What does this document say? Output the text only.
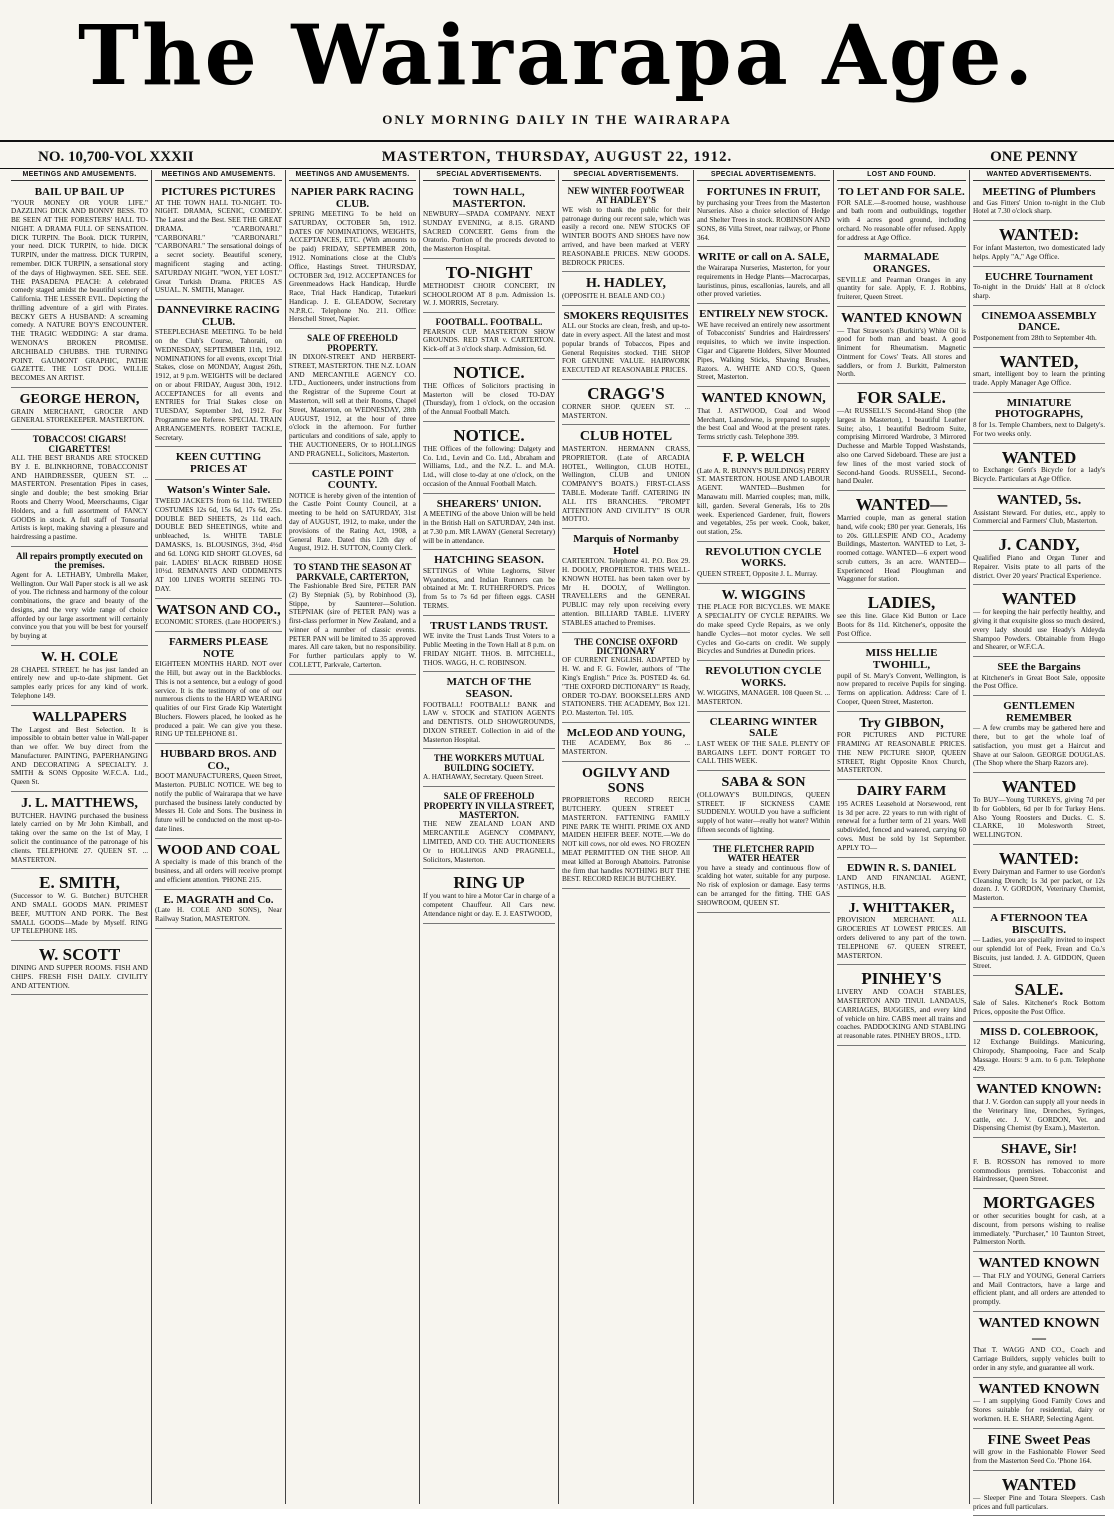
The Wairarapa Age.
ONLY MORNING DAILY IN THE WAIRARAPA
NO. 10,700-VOL XXXII	MASTERTON, THURSDAY, AUGUST 22, 1912.	ONE PENNY
MEETINGS AND AMUSEMENTS.
BAIL UP BAIL UP
"YOUR MONEY OR YOUR LIFE." DAZZLING DICK AND BONNY BESS. TO BE SEEN AT THE FORESTERS' HALL TO-NIGHT. A DRAMA FULL OF SENSATION. DICK TURPIN. The Book. DICK TURPIN, your need. DICK TURPIN, to hide. DICK TURPIN, under the mattress. DICK TURPIN, remember. DICK TURPIN, a sensational story of the days of Highwaymen. SEE. SEE. SEE. THE PASADENA PEACH: A celebrated comedy staged amidst the beautiful scenery of California. THE LESSER EVIL. Depicting the thrilling adventure of a girl with Pirates. BECKY GETS A HUSBAND: A screaming comedy. A NATURE BOY'S ENCOUNTER. THE TRAGIC WEDDING: A star drama. WENONA'S BROKEN PROMISE. ARCHIBALD CHUBBS. THE TURNING POINT. GAUMONT GRAPHIC, PATHE GAZETTE. THE LOST DOG. WILLIE BECOMES AN ARTIST.
GEORGE HERON,
GRAIN MERCHANT, GROCER AND GENERAL STOREKEEPER. MASTERTON.
TOBACCOS! CIGARS! CIGARETTES!
ALL THE BEST BRANDS ARE STOCKED BY J. E. BLINKHORNE, TOBACCONIST AND HAIRDRESSER, QUEEN ST. ... MASTERTON. Presentation Pipes in cases, single and double; the best smoking Briar Roots and Cherry Wood, Meerschaums, Cigar Holders, and a full assortment of FANCY GOODS in stock. A full staff of Tonsorial Artists is kept, making shaving a pleasure and hairdressing a pastime.
All repairs promptly executed on the premises.
Agent for A. LETHABY, Umbrella Maker, Wellington. Our Wall Paper stock is all we ask of you. The richness and harmony of the colour combinations, the grace and beauty of the designs, and the very wide range of choice afforded by our large assortment will certainly convince you that you will be best for yourself by buying at
W. H. COLE
28 CHAPEL STREET. he has just landed an entirely new and up-to-date shipment. Get samples early prices for any kind of work. Telephone 149.
WALLPAPERS
The Largest and Best Selection. It is impossible to obtain better value in Wall-paper than we offer. We buy direct from the Manufacturer. PAINTING, PAPERHANGING AND DECORATING A SPECIALTY. J. SMITH & SONS Opposite W.F.C.A. Ltd., Queen St.
J. L. MATTHEWS,
BUTCHER. HAVING purchased the business lately carried on by Mr John Kimball, and taking over the same on the 1st of May, I solicit the continuance of the patronage of his clients. TELEPHONE 27. QUEEN ST. ... MASTERTON.
E. SMITH,
(Successor to W. G. Butcher.) BUTCHER AND SMALL GOODS MAN. PRIMEST BEEF, MUTTON AND PORK. The Best SMALL GOODS—Made by Myself. RING UP TELEPHONE 185.
W. SCOTT
DINING AND SUPPER ROOMS. FISH AND CHIPS. FRESH FISH DAILY. CIVILITY AND ATTENTION.
MEETINGS AND AMUSEMENTS.
PICTURES PICTURES
AT THE TOWN HALL TO-NIGHT. TO-NIGHT. DRAMA, SCENIC, COMEDY. The Latest and the Best. SEE THE GREAT DRAMA. "CARBONARI." "CARBONARI." "CARBONARI." "CARBONARI." The sensational doings of a secret society. Beautiful scenery, magnificent staging and acting. SATURDAY NIGHT. "WON, YET LOST." Great Turkish Drama. PRICES AS USUAL. N. SMITH, Manager.
DANNEVIRKE RACING CLUB.
STEEPLECHASE MEETING. To be held on the Club's Course, Tahoraiti, on WEDNESDAY, SEPTEMBER 11th, 1912. NOMINATIONS for all events, except Trial Stakes, close on MONDAY, August 26th, 1912, at 9 p.m. WEIGHTS will be declared on or about FRIDAY, August 30th, 1912. ACCEPTANCES for all events and ENTRIES for Trial Stakes close on TUESDAY, September 3rd, 1912. For Programme see Referee. SPECIAL TRAIN ARRANGEMENTS. ROBERT TACKLE, Secretary.
KEEN CUTTING PRICES AT
Watson's Winter Sale.
TWEED JACKETS from 6s 11d. TWEED COSTUMES 12s 6d, 15s 6d, 17s 6d, 25s. DOUBLE BED SHEETS, 2s 11d each. DOUBLE BED SHEETINGS, white and unbleached, 1s. WHITE TABLE DAMASKS, 1s. BLOUSINGS, 3½d, 4½d and 6d. LONG KID SHORT GLOVES, 6d pair. LADIES' BLACK RIBBED HOSE 10½d. REMNANTS AND ODDMENTS AT 100 LINES WORTH SEEING TO-DAY.
WATSON AND CO.,
ECONOMIC STORES. (Late HOOPER'S.)
FARMERS PLEASE NOTE
EIGHTEEN MONTHS HARD. NOT over the Hill, but away out in the Backblocks. This is not a sentence, but a eulogy of good service. It is the testimony of one of our numerous clients to the HARD WEARING qualities of our First Grade Kip Watertight Bluchers. Flowers placed, he looked as he produced a pair. We can give you these. RING UP TELEPHONE 81.
HUBBARD BROS. AND CO.,
BOOT MANUFACTURERS, Queen Street, Masterton. PUBLIC NOTICE. WE beg to notify the public of Wairarapa that we have purchased the business lately conducted by Messrs H. Cole and Sons. The business in future will be conducted on the most up-to-date lines.
WOOD AND COAL
A specialty is made of this branch of the business, and all orders will receive prompt and efficient attention. 'PHONE 215.
E. MAGRATH and Co.
(Late H. COLE AND SONS), Near Railway Station, MASTERTON.
MEETINGS AND AMUSEMENTS.
NAPIER PARK RACING CLUB.
SPRING MEETING To be held on SATURDAY, OCTOBER 5th, 1912. DATES OF NOMINATIONS, WEIGHTS, ACCEPTANCES, ETC. (With amounts to be paid) FRIDAY, SEPTEMBER 20th, 1912. Nominations close at the Club's Office, Hastings Street. THURSDAY, OCTOBER 3rd, 1912. ACCEPTANCES for Greenmeadows Hack Handicap, Hurdle Race, Trial Hack Handicap, Tutaekuri Handicap. J. E. GLEADOW, Secretary N.P.R.C. Telephone No. 211. Office: Herschell Street, Napier.
SALE OF FREEHOLD PROPERTY.
IN DIXON-STREET AND HERBERT-STREET, MASTERTON. THE N.Z. LOAN AND MERCANTILE AGENCY CO. LTD., Auctioneers, under instructions from the Registrar of the Supreme Court at Masterton, will sell at their Rooms, Chapel Street, Masterton, on WEDNESDAY, 28th AUGUST, 1912, at the hour of three o'clock in the afternoon. For further particulars and conditions of sale, apply to THE AUCTIONEERS, Or to HOLLINGS AND PRAGNELL, Solicitors, Masterton.
CASTLE POINT COUNTY.
NOTICE is hereby given of the intention of the Castle Point County Council, at a meeting to be held on SATURDAY, 31st day of AUGUST, 1912, to make, under the provisions of the Rating Act, 1908, a General Rate. Dated this 12th day of August, 1912. H. SUTTON, County Clerk.
TO STAND THE SEASON AT PARKVALE, CARTERTON,
The Fashionable Bred Sire, PETER PAN (2) By Stepniak (5), by Robinhood (3), Stippe, by Saunterer—Solution. STEPNIAK (sire of PETER PAN) was a first-class performer in New Zealand, and a winner of a number of classic events. PETER PAN will be limited to 35 approved mares. All care taken, but no responsibility. For further particulars apply to W. COLLETT, Parkvale, Carterton.
SPECIAL ADVERTISEMENTS.
TOWN HALL, MASTERTON.
NEWBURY—SPADA COMPANY. NEXT SUNDAY EVENING, at 8.15. GRAND SACRED CONCERT. Gems from the Oratorio. Portion of the proceeds devoted to the Masterton Hospital.
TO-NIGHT
METHODIST CHOIR CONCERT, IN SCHOOLROOM AT 8 p.m. Admission 1s. W. J. MORRIS, Secretary.
FOOTBALL. FOOTBALL.
PEARSON CUP. MASTERTON SHOW GROUNDS. RED STAR v. CARTERTON. Kick-off at 3 o'clock sharp. Admission, 6d.
NOTICE.
THE Offices of Solicitors practising in Masterton will be closed TO-DAY (Thursday), from 1 o'clock, on the occasion of the Annual Football Match.
NOTICE.
THE Offices of the following: Dalgety and Co. Ltd., Levin and Co. Ltd., Abraham and Williams, Ltd., and the N.Z. L. and M.A. Ltd., will close to-day at one o'clock, on the occasion of the Annual Football Match.
SHEARERS' UNION.
A MEETING of the above Union will be held in the British Hall on SATURDAY, 24th inst. at 7.30 p.m. MR LAWAY (General Secretary) will be in attendance.
HATCHING SEASON.
SETTINGS of White Leghorns, Silver Wyandottes, and Indian Runners can be obtained at Mr. T. RUTHERFORD'S. Prices from 5s to 7s 6d per fifteen eggs. CASH TERMS.
TRUST LANDS TRUST.
WE invite the Trust Lands Trust Voters to a Public Meeting in the Town Hall at 8 p.m. on FRIDAY NIGHT. THOS. B. MITCHELL, THOS. WAGG, H. C. ROBINSON.
MATCH OF THE SEASON.
FOOTBALL! FOOTBALL! BANK and LAW v. STOCK and STATION AGENTS and DENTISTS. OLD SHOWGROUNDS, DIXON STREET. Collection in aid of the Masterton Hospital.
THE WORKERS MUTUAL BUILDING SOCIETY.
A. HATHAWAY, Secretary. Queen Street.
SALE OF FREEHOLD PROPERTY IN VILLA STREET, MASTERTON.
THE NEW ZEALAND LOAN AND MERCANTILE AGENCY COMPANY, LIMITED, AND CO. THE AUCTIONEERS Or to HOLLINGS AND PRAGNELL, Solicitors, Masterton.
RING UP
If you want to hire a Motor Car in charge of a competent Chauffeur. All Cars new. Attendance night or day. E. J. EASTWOOD,
SPECIAL ADVERTISEMENTS.
NEW WINTER FOOTWEAR AT HADLEY'S
WE wish to thank the public for their patronage during our recent sale, which was easily a record one. NEW STOCKS OF WINTER BOOTS AND SHOES have now arrived, and have been marked at VERY REASONABLE PRICES. NEW GOODS. BEDROCK PRICES.
H. HADLEY,
(OPPOSITE H. BEALE AND CO.)
SMOKERS REQUISITES
ALL our Stocks are clean, fresh, and up-to-date in every aspect. All the latest and most popular brands of Tobaccos, Pipes and General Requisites stocked. THE SHOP FOR GENUINE VALUE. HAIRWORK EXECUTED AT REASONABLE PRICES.
CRAGG'S
CORNER SHOP. QUEEN ST. ... MASTERTON.
CLUB HOTEL
MASTERTON. HERMANN CRASS, PROPRIETOR. (Late of ARCADIA HOTEL, Wellington, CLUB HOTEL, Wellington, CLUB and UNION COMPANY'S BOATS.) FIRST-CLASS TABLE. Moderate Tariff. CATERING IN ALL ITS BRANCHES. "PROMPT ATTENTION AND CIVILITY" IS OUR MOTTO.
Marquis of Normanby Hotel
CARTERTON. Telephone 41. P.O. Box 29. H. DOOLY, PROPRIETOR. THIS WELL-KNOWN HOTEL has been taken over by Mr H. DOOLY, of Wellington. TRAVELLERS and the GENERAL PUBLIC may rely upon receiving every attention. BILLIARD TABLE. LIVERY STABLES attached to Premises.
THE CONCISE OXFORD DICTIONARY
OF CURRENT ENGLISH. ADAPTED by H. W. and F. G. Fowler, authors of "The King's English." Price 3s. POSTED 4s. 6d. "THE OXFORD DICTIONARY" IS Ready, ORDER TO-DAY. BOOKSELLERS AND STATIONERS. THE ACADEMY, Box 121. P.O. Masterton. Tel. 105.
McLEOD AND YOUNG,
THE ACADEMY, Box 86 ... MASTERTON.
OGILVY AND SONS
PROPRIETORS RECORD REICH BUTCHERY. QUEEN STREET ... MASTERTON. FATTENING FAMILY PINE PARK TE WHITI. PRIME OX AND MAIDEN HEIFER BEEF. NOTE.—We do NOT kill cows, nor old ewes. NO FROZEN MEAT PERMITTED ON THE SHOP. All meat killed at Borough Abattoirs. Patronise the firm that handles NOTHING BUT THE BEST. RECORD REICH BUTCHERY.
SPECIAL ADVERTISEMENTS.
FORTUNES IN FRUIT,
by purchasing your Trees from the Masterton Nurseries. Also a choice selection of Hedge and Shelter Trees in stock. ROBINSON AND SONS, 86 Villa Street, near railway, or Phone 364.
WRITE or call on A. SALE,
the Wairarapa Nurseries, Masterton, for your requirements in Hedge Plants—Macrocarpas, lauristinus, pinus, escallonias, laurels, and all other proved varieties.
ENTIRELY NEW STOCK.
WE have received an entirely new assortment of Tobacconists' Sundries and Hairdressers' requisites, to which we invite inspection. Cigar and Cigarette Holders, Silver Mounted Pipes, Walking Sticks, Shaving Brushes, Razors. A. WHITE AND CO.'S, Queen Street, Masterton.
WANTED KNOWN,
That J. ASTWOOD, Coal and Wood Merchant, Lansdowne, is prepared to supply the best Coal and Wood at the present rates. Terms strictly cash. Telephone 399.
F. P. WELCH
(Late A. R. BUNNY'S BUILDINGS) PERRY ST. MASTERTON. HOUSE AND LABOUR AGENT. WANTED—Bushmen for Manawatu mill. Married couples; man, milk, kill, garden. Several Generals, 16s to 20s week. Experienced Gardener, fruit, flowers and vegetables, 25s per week. Cook, baker, out station, 25s.
REVOLUTION CYCLE WORKS.
QUEEN STREET, Opposite J. L. Murray.
W. WIGGINS
THE PLACE FOR BICYCLES. WE MAKE A SPECIALITY OF CYCLE REPAIRS. We do make speed Cycle Repairs, as we only handle Cycles—not motor cycles. We sell Cycles and Go-carts on credit. We supply Bicycles and Sundries at Dunedin prices.
REVOLUTION CYCLE WORKS.
W. WIGGINS, MANAGER. 108 Queen St. ... MASTERTON.
CLEARING WINTER SALE
LAST WEEK OF THE SALE. PLENTY OF BARGAINS LEFT. DON'T FORGET TO CALL THIS WEEK.
SABA & SON
(OLLOWAY'S BUILDINGS, QUEEN STREET. IF SICKNESS CAME SUDDENLY. WOULD you have a sufficient supply of hot water—really hot water? Within fifteen seconds of lighting.
THE FLETCHER RAPID WATER HEATER
you have a steady and continuous flow of scalding hot water, suitable for any purpose. No risk of explosion or damage. Easy terms can be arranged for the fitting. THE GAS SHOWROOM, QUEEN ST.
LOST AND FOUND.
TO LET AND FOR SALE.
FOR SALE.—8-roomed house, washhouse and bath room and outbuildings, together with 4 acres good ground, including orchard. No reasonable offer refused. Apply for address at Age Office.
MARMALADE ORANGES.
SEVILLE and Pearman Oranges in any quantity for sale. Apply, F. J. Robbins, fruiterer, Queen Street.
WANTED KNOWN
— That Strawson's (Burkitt's) White Oil is good for both man and beast. A good liniment for Rheumatism. Magnetic Ointment for Cows' Teats. All stores and saddlers, or from J. Burkitt, Palmerston North.
FOR SALE.
—At RUSSELL'S Second-Hand Shop (the largest in Masterton), 1 beautiful Leather Suite; also, 1 beautiful Bedroom Suite, comprising Mirrored Wardrobe, 3 Mirrored Duchesse and Marble Topped Washstands, also one Carved Sideboard. These are just a few lines of the most varied stock of Second-hand Goods. RUSSELL, Second-hand Dealer.
WANTED—
Married couple, man as general station hand, wife cook; £80 per year. Generals, 16s to 20s. GILLESPIE AND CO., Academy Buildings, Masterton. WANTED to Let, 3-roomed cottage. WANTED—6 expert wood scrub cutters, 3s an acre. WANTED—Experienced Head Ploughman and Waggoner for station.
LADIES,
see this line. Glace Kid Button or Lace Boots for 8s 11d. Kitchener's, opposite the Post Office.
MISS HELLIE TWOHILL,
pupil of St. Mary's Convent, Wellington, is now prepared to receive Pupils for singing. Terms on application. Address: Care of I. Cooper, Queen Street, Masterton.
Try GIBBON,
FOR PICTURES AND PICTURE FRAMING AT REASONABLE PRICES. THE NEW PICTURE SHOP, QUEEN STREET, Right Opposite Knox Church, MASTERTON.
DAIRY FARM
195 ACRES Leasehold at Norsewood, rent 1s 3d per acre. 22 years to run with right of renewal for a further term of 21 years. Well subdivided, fenced and watered, carrying 60 cows. Must be sold by 1st September. APPLY TO—
EDWIN R. S. DANIEL
LAND AND FINANCIAL AGENT, 'ASTINGS, H.B.
J. WHITTAKER,
PROVISION MERCHANT. ALL GROCERIES AT LOWEST PRICES. All orders delivered to any part of the town. TELEPHONE 67. QUEEN STREET, MASTERTON.
PINHEY'S
LIVERY AND COACH STABLES, MASTERTON AND TINUI. LANDAUS, CARRIAGES, BUGGIES, and every kind of vehicle on hire. CABS meet all trains and coaches. PADDOCKING AND STABLING at reasonable rates. PINHEY BROS., LTD.
WANTED ADVERTISEMENTS.
MEETING of Plumbers
and Gas Fitters' Union to-night in the Club Hotel at 7.30 o'clock sharp.
WANTED:
For infant Masterton, two domesticated lady helps. Apply "A," Age Office.
EUCHRE Tournament
To-night in the Druids' Hall at 8 o'clock sharp.
CINEMOA ASSEMBLY DANCE.
Postponement from 28th to September 4th.
WANTED,
smart, intelligent boy to learn the printing trade. Apply Manager Age Office.
MINIATURE PHOTOGRAPHS,
8 for 1s. Temple Chambers, next to Dalgety's. For two weeks only.
WANTED
to Exchange: Gent's Bicycle for a lady's Bicycle. Particulars at Age Office.
WANTED, 5s.
Assistant Steward. For duties, etc., apply to Commercial and Farmers' Club, Masterton.
J. CANDY,
Qualified Piano and Organ Tuner and Repairer. Visits ptate to all parts of the district. Over 20 years' Practical Experience.
WANTED
— for keeping the hair perfectly healthy, and giving it that exquisite gloss so much desired, every lady should use Heady's Aldeyda Shampoo Powders. Obtainable from Hugo and Shearer, or W.F.C.A.
SEE the Bargains
at Kitchener's in Great Boot Sale, opposite the Post Office.
GENTLEMEN REMEMBER
— A few crumbs may be gathered here and there, but to get the whole loaf of satisfaction, you must get a Haircut and Shave at our Saloon. GEORGE DOUGLAS. (The Shop where the Sharp Razors are).
WANTED
To BUY—Young TURKEYS, giving 7d per lb for Gobblers, 6d per lb for Turkey Hens. Also Young Roosters and Ducks. C. S. CLARKE, 10 Molesworth Street, WELLINGTON.
WANTED:
Every Dairyman and Farmer to use Gordon's Cleansing Drench; 1s 3d per packet, or 12s dozen. J. V. GORDON, Veterinary Chemist, Masterton.
A FTERNOON TEA BISCUITS.
— Ladies, you are specially invited to inspect our splendid lot of Peek, Frean and Co.'s Biscuits, just landed. J. A. GIDDON, Queen Street.
SALE.
Sale of Sales. Kitchener's Rock Bottom Prices, opposite the Post Office.
MISS D. COLEBROOK,
12 Exchange Buildings. Manicuring, Chiropody, Shampooing, Face and Scalp Massage. Hours: 9 a.m. to 6 p.m. Telephone 429.
WANTED KNOWN:
that J. V. Gordon can supply all your needs in the Veterinary line, Drenches, Syringes, cattle, etc. J. V. GORDON, Vet. and Dispensing Chemist (by Exam.), Masterton.
SHAVE, Sir!
F. B. ROSSON has removed to more commodious premises. Tobacconist and Hairdresser, Queen Street.
MORTGAGES
or other securities bought for cash, at a discount, from persons wishing to realise immediately. "Purchaser," 10 Taunton Street, Palmerston North.
WANTED KNOWN
— That FLY and YOUNG, General Carriers and Mail Contractors, have a large and efficient plant, and all orders are attended to promptly.
WANTED KNOWN—
That T. WAGG AND CO., Coach and Carriage Builders, supply vehicles built to order in any style, and guarantee all work.
WANTED KNOWN
— I am supplying Good Family Cows and Stores suitable for residential, dairy or workmen. H. E. SHARP, Selecting Agent.
FINE Sweet Peas
will grow in the Fashionable Flower Seed from the Masterton Seed Co. 'Phone 164.
WANTED
— Sleeper Pine and Totara Sleepers. Cash prices and full particulars.
